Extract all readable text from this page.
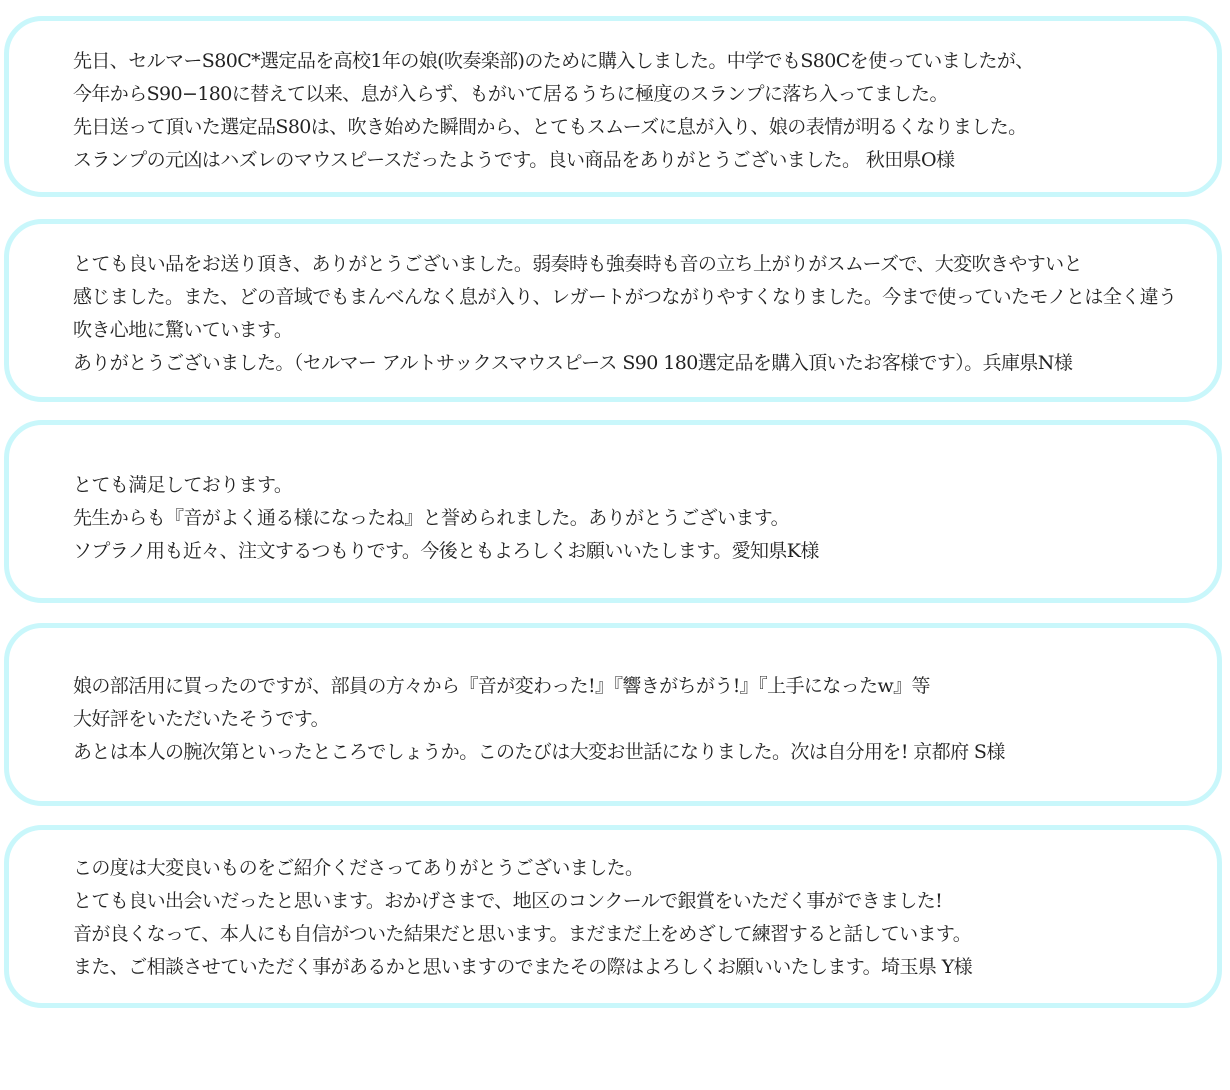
先日、セルマーS80C*選定品を高校1年の娘(吹奏楽部)のために購入しました。中学でもS80Cを使っていましたが、
今年からS90−180に替えて以来、息が入らず、もがいて居るうちに極度のスランプに落ち入ってました。
先日送って頂いた選定品S80は、吹き始めた瞬間から、とてもスムーズに息が入り、娘の表情が明るくなりました。
スランプの元凶はハズレのマウスピースだったようです。良い商品をありがとうございました。 秋田県O様
とても良い品をお送り頂き、ありがとうございました。弱奏時も強奏時も音の立ち上がりがスムーズで、大変吹きやすいと
感じました。また、どの音域でもまんべんなく息が入り、レガートがつながりやすくなりました。今まで使っていたモノとは全く違う
吹き心地に驚いています。
ありがとうございました。（セルマー アルトサックスマウスピース S90 180選定品を購入頂いたお客様です）。兵庫県N様
とても満足しております。
先生からも『音がよく通る様になったね』と誉められました。ありがとうございます。
ソプラノ用も近々、注文するつもりです。今後ともよろしくお願いいたします。愛知県K様
娘の部活用に買ったのですが、部員の方々から『音が変わった!』『響きがちがう!』『上手になったw』等
大好評をいただいたそうです。
あとは本人の腕次第といったところでしょうか。このたびは大変お世話になりました。次は自分用を! 京都府 S様
この度は大変良いものをご紹介くださってありがとうございました。
とても良い出会いだったと思います。おかげさまで、地区のコンクールで銀賞をいただく事ができました!
音が良くなって、本人にも自信がついた結果だと思います。まだまだ上をめざして練習すると話しています。
また、ご相談させていただく事があるかと思いますのでまたその際はよろしくお願いいたします。埼玉県 Y様
